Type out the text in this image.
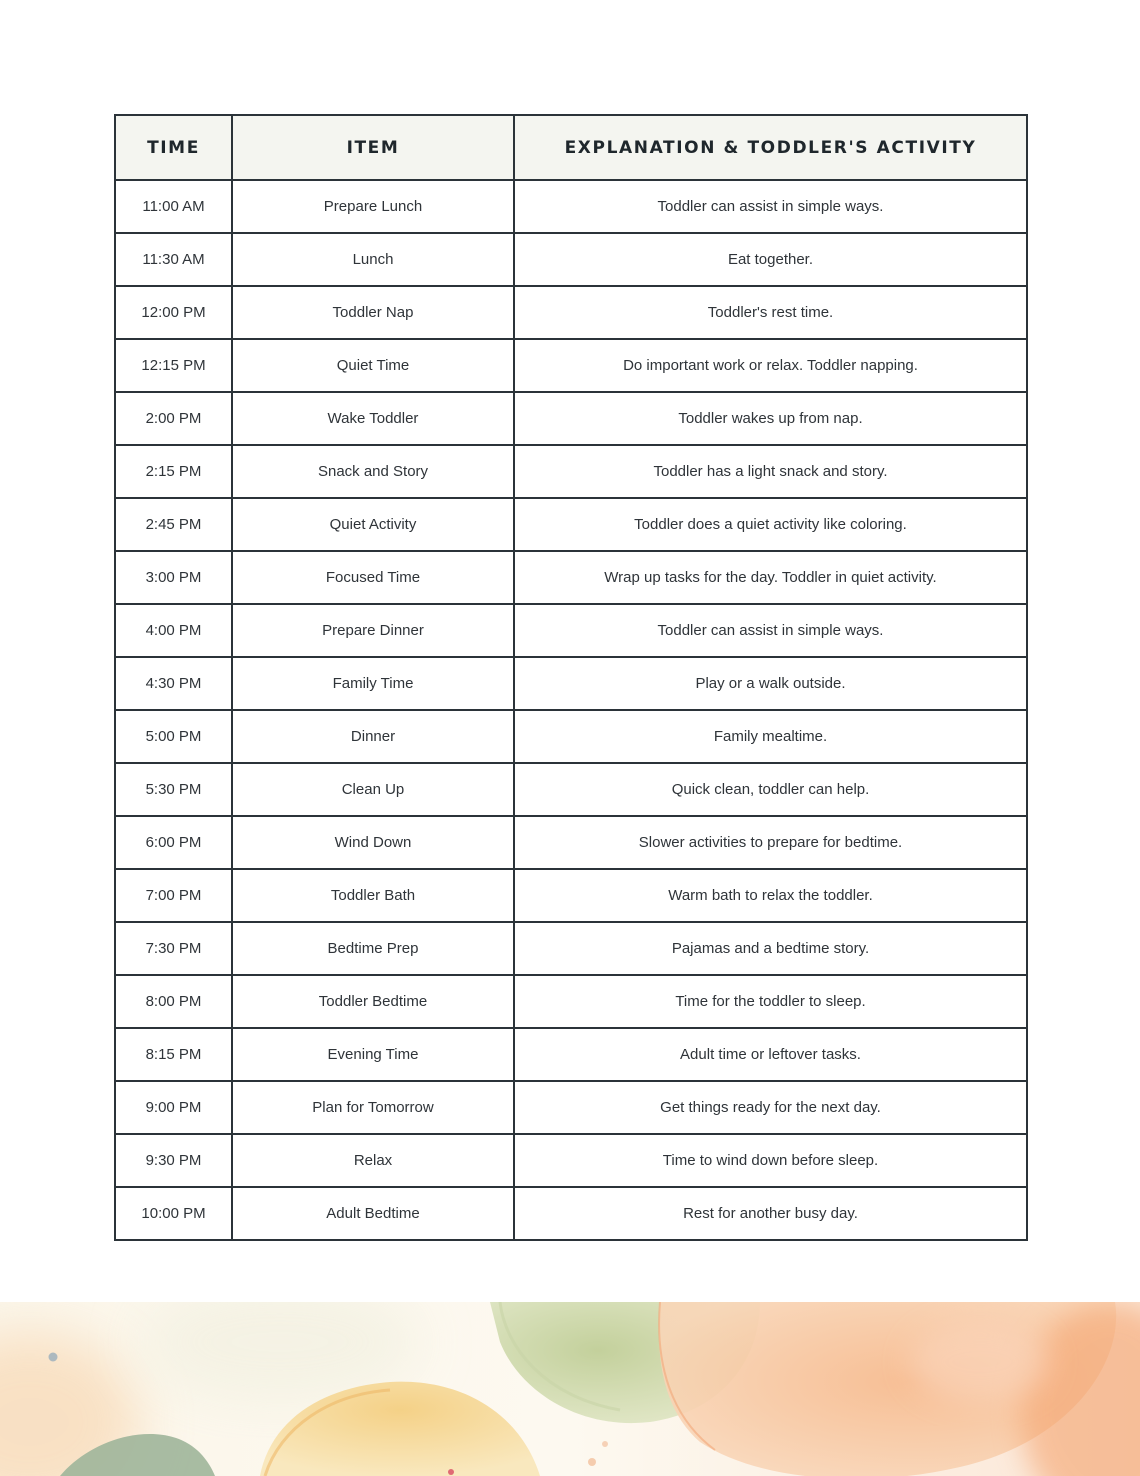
TIME	ITEM	EXPLANATION & TODDLER'S ACTIVITY
11:00 AM	Prepare Lunch	Toddler can assist in simple ways.
11:30 AM	Lunch	Eat together.
12:00 PM	Toddler Nap	Toddler's rest time.
12:15 PM	Quiet Time	Do important work or relax. Toddler napping.
2:00 PM	Wake Toddler	Toddler wakes up from nap.
2:15 PM	Snack and Story	Toddler has a light snack and story.
2:45 PM	Quiet Activity	Toddler does a quiet activity like coloring.
3:00 PM	Focused Time	Wrap up tasks for the day. Toddler in quiet activity.
4:00 PM	Prepare Dinner	Toddler can assist in simple ways.
4:30 PM	Family Time	Play or a walk outside.
5:00 PM	Dinner	Family mealtime.
5:30 PM	Clean Up	Quick clean, toddler can help.
6:00 PM	Wind Down	Slower activities to prepare for bedtime.
7:00 PM	Toddler Bath	Warm bath to relax the toddler.
7:30 PM	Bedtime Prep	Pajamas and a bedtime story.
8:00 PM	Toddler Bedtime	Time for the toddler to sleep.
8:15 PM	Evening Time	Adult time or leftover tasks.
9:00 PM	Plan for Tomorrow	Get things ready for the next day.
9:30 PM	Relax	Time to wind down before sleep.
10:00 PM	Adult Bedtime	Rest for another busy day.
